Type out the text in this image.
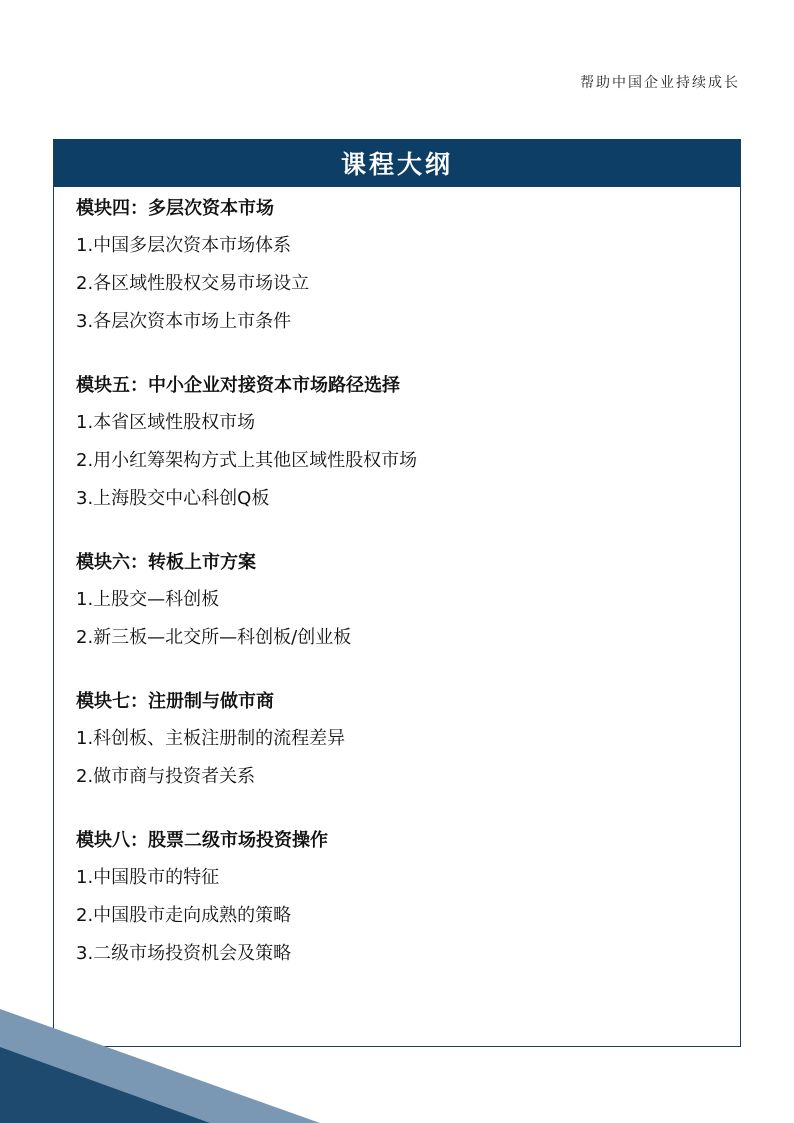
帮助中国企业持续成长
课程大纲
模块四：多层次资本市场
1.中国多层次资本市场体系
2.各区域性股权交易市场设立
3.各层次资本市场上市条件
模块五：中小企业对接资本市场路径选择
1.本省区域性股权市场
2.用小红筹架构方式上其他区域性股权市场
3.上海股交中心科创Q板
模块六：转板上市方案
1.上股交—科创板
2.新三板—北交所—科创板/创业板
模块七：注册制与做市商
1.科创板、主板注册制的流程差异
2.做市商与投资者关系
模块八：股票二级市场投资操作
1.中国股市的特征
2.中国股市走向成熟的策略
3.二级市场投资机会及策略
